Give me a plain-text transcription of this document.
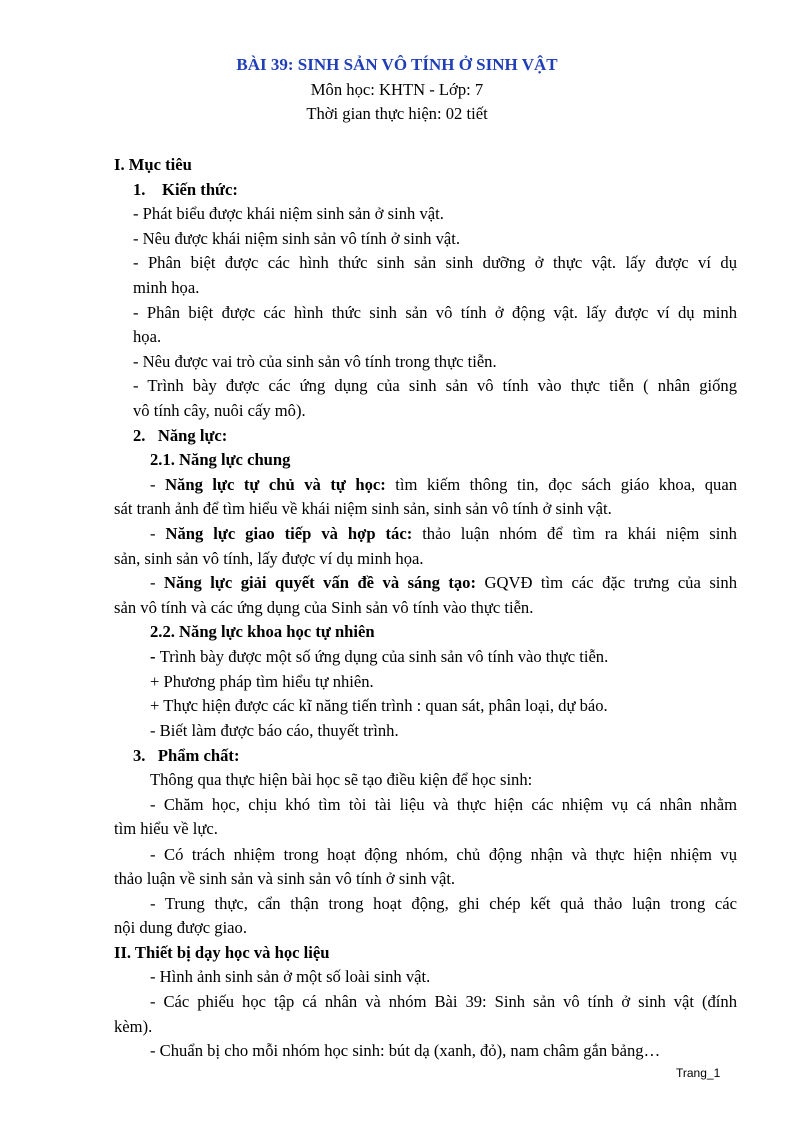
BÀI 39: SINH SẢN VÔ TÍNH Ở SINH VẬT
Môn học: KHTN - Lớp: 7
Thời gian thực hiện: 02 tiết
I. Mục tiêu
1.    Kiến thức:
- Phát biểu được khái niệm sinh sản ở sinh vật.
- Nêu được khái niệm sinh sản vô tính ở sinh vật.
- Phân biệt được các hình thức sinh sản sinh dưỡng ở thực vật. lấy được ví dụ
minh họa.
- Phân biệt được các hình thức sinh sản vô tính ở động vật. lấy được ví dụ minh
họa.
- Nêu được vai trò của sinh sản vô tính trong thực tiễn.
- Trình bày được các ứng dụng của sinh sản vô tính vào thực tiễn ( nhân giống
vô tính cây, nuôi cấy mô).
2.   Năng lực:
2.1. Năng lực chung
- Năng lực tự chủ và tự học: tìm kiếm thông tin, đọc sách giáo khoa, quan
sát tranh ảnh để tìm hiểu về khái niệm sinh sản, sinh sản vô tính ở sinh vật.
- Năng lực giao tiếp và hợp tác: thảo luận nhóm để tìm ra khái niệm sinh
sản, sinh sản vô tính, lấy được ví dụ minh họa.
- Năng lực giải quyết vấn đề và sáng tạo: GQVĐ tìm các đặc trưng của sinh
sản vô tính và các ứng dụng của Sinh sản vô tính vào thực tiễn.
2.2. Năng lực khoa học tự nhiên
- Trình bày được một số ứng dụng của sinh sản vô tính vào thực tiễn.
+ Phương pháp tìm hiểu tự nhiên.
+ Thực hiện được các kĩ năng tiến trình : quan sát, phân loại, dự báo.
- Biết làm được báo cáo, thuyết trình.
3.   Phẩm chất:
Thông qua thực hiện bài học sẽ tạo điều kiện để học sinh:
- Chăm học, chịu khó tìm tòi tài liệu và thực hiện các nhiệm vụ cá nhân nhằm
tìm hiểu về lực.
- Có trách nhiệm trong hoạt động nhóm, chủ động nhận và thực hiện nhiệm vụ
thảo luận về sinh sản và sinh sản vô tính ở sinh vật.
- Trung thực, cẩn thận trong hoạt động, ghi chép kết quả thảo luận trong các
nội dung được giao.
II. Thiết bị dạy học và học liệu
- Hình ảnh sinh sản ở một số loài sinh vật.
- Các phiếu học tập cá nhân và nhóm Bài 39: Sinh sản vô tính ở sinh vật (đính
kèm).
- Chuẩn bị cho mỗi nhóm học sinh: bút dạ (xanh, đỏ), nam châm gắn bảng…
Trang_1
